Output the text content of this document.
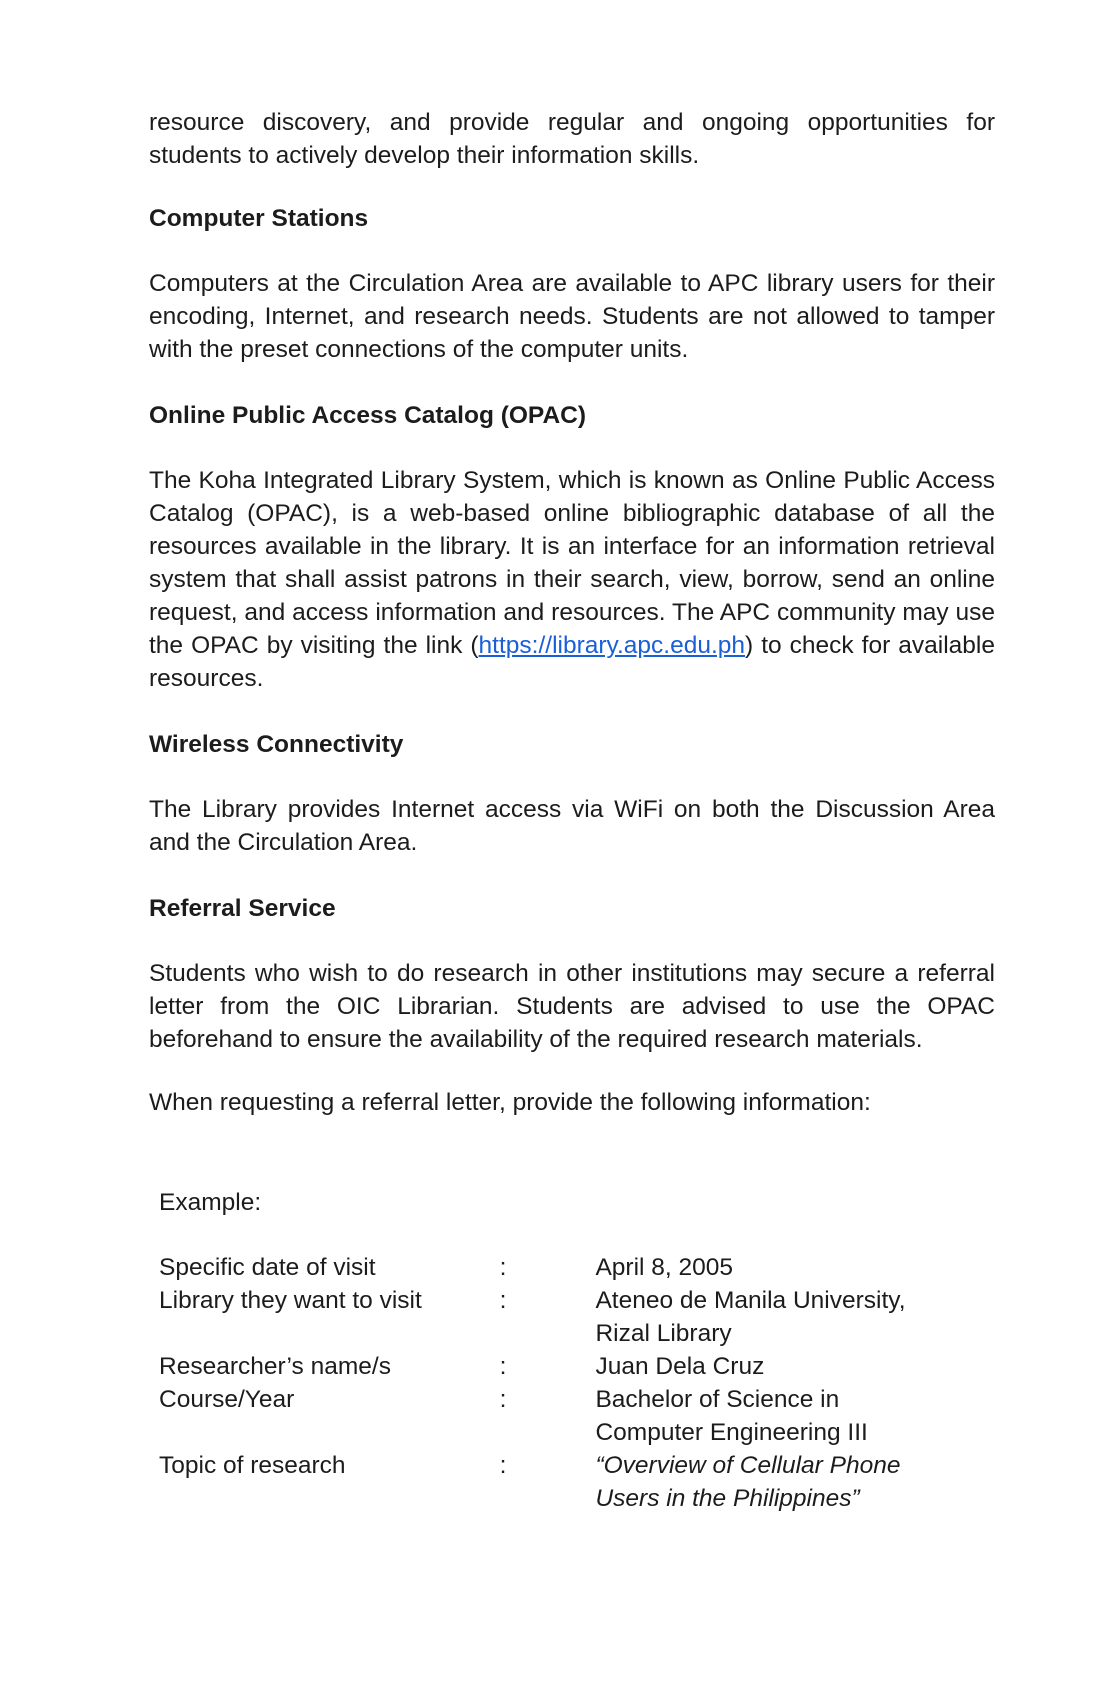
resource discovery, and provide regular and ongoing opportunities for students to actively develop their information skills.

Computer Stations

Computers at the Circulation Area are available to APC library users for their encoding, Internet, and research needs. Students are not allowed to tamper with the preset connections of the computer units.

Online Public Access Catalog (OPAC)

The Koha Integrated Library System, which is known as Online Public Access Catalog (OPAC), is a web-based online bibliographic database of all the resources available in the library. It is an interface for an information retrieval system that shall assist patrons in their search, view, borrow, send an online request, and access information and resources. The APC community may use the OPAC by visiting the link (https://library.apc.edu.ph) to check for available resources.

Wireless Connectivity

The Library provides Internet access via WiFi on both the Discussion Area and the Circulation Area.

Referral Service

Students who wish to do research in other institutions may secure a referral letter from the OIC Librarian. Students are advised to use the OPAC beforehand to ensure the availability of the required research materials.

When requesting a referral letter, provide the following information:

Example:
Specific date of visit	:	April 8, 2005

Library they want to visit	:	Ateneo de Manila University,
Rizal Library

Researcher’s name/s	:	Juan Dela Cruz

Course/Year	:	Bachelor of Science in
Computer Engineering III

Topic of research	:	“Overview of Cellular Phone
Users in the Philippines”
